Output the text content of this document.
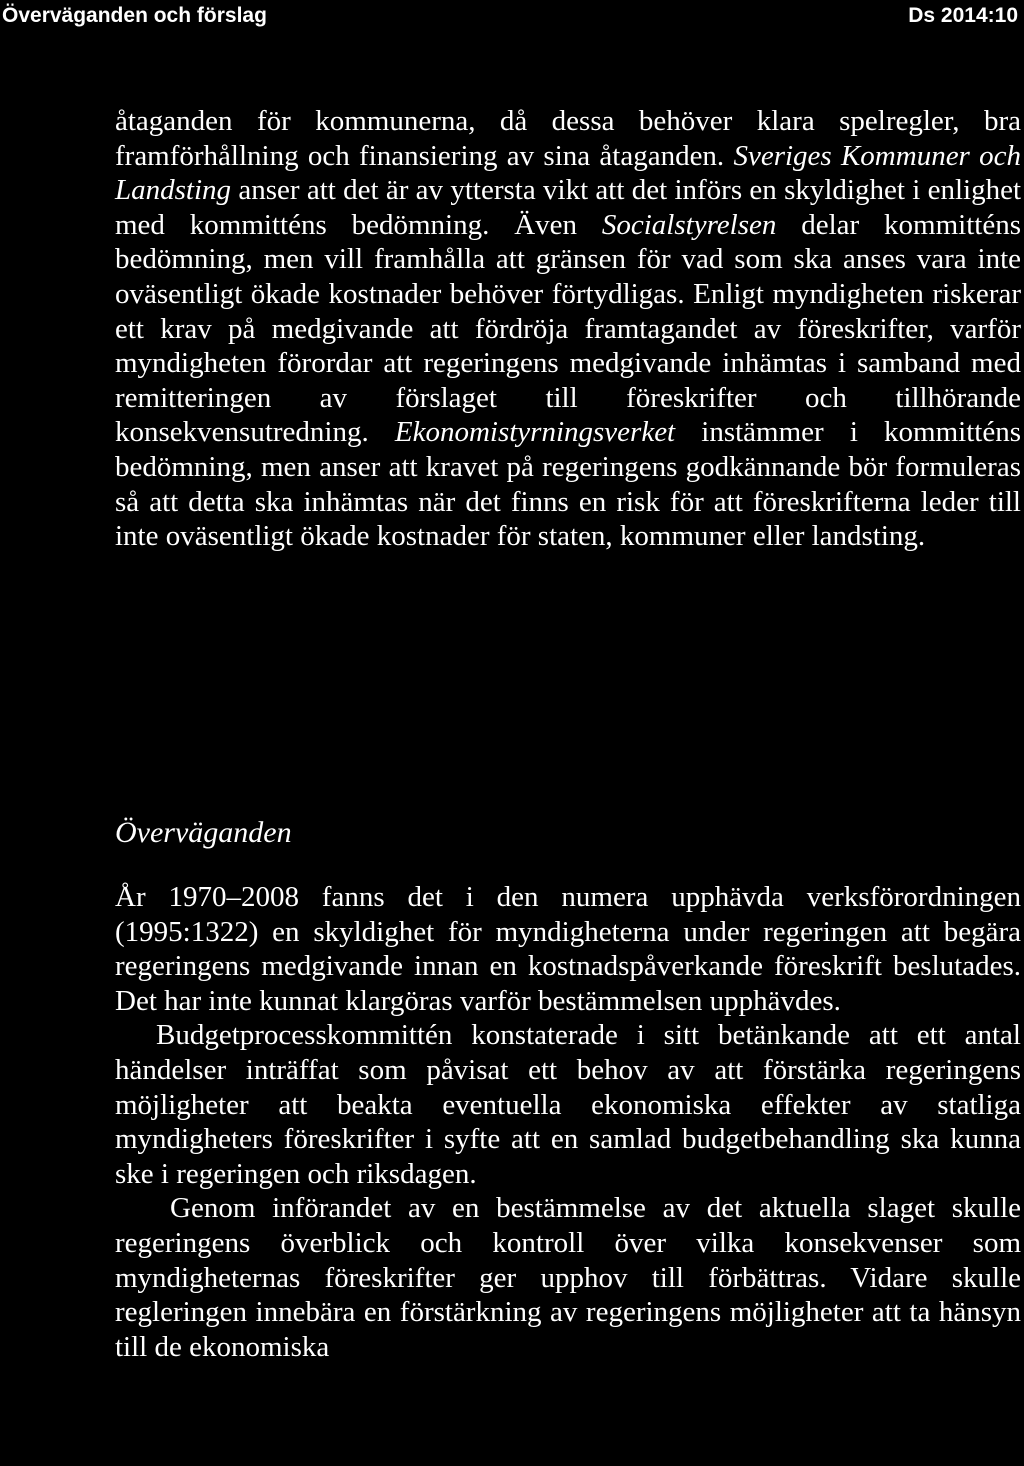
Överväganden och förslag	Ds 2014:10

åtaganden för kommunerna, då dessa behöver klara spelregler, bra framförhållning och finansiering av sina åtaganden. Sveriges Kommuner och Landsting anser att det är av yttersta vikt att det införs en skyldighet i enlighet med kommitténs bedömning. Även Socialstyrelsen delar kommitténs bedömning, men vill framhålla att gränsen för vad som ska anses vara inte oväsentligt ökade kostnader behöver förtydligas. Enligt myndigheten riskerar ett krav på medgivande att fördröja framtagandet av föreskrifter, varför myndigheten förordar att regeringens medgivande inhämtas i samband med remitteringen av förslaget till föreskrifter och tillhörande konsekvensutredning. Ekonomistyrningsverket instämmer i kommitténs bedömning, men anser att kravet på regeringens godkännande bör formuleras så att detta ska inhämtas när det finns en risk för att föreskrifterna leder till inte oväsentligt ökade kostnader för staten, kommuner eller landsting.

Överväganden

År 1970–2008 fanns det i den numera upphävda verksförordningen (1995:1322) en skyldighet för myndigheterna under regeringen att begära regeringens medgivande innan en kostnadspåverkande föreskrift beslutades. Det har inte kunnat klargöras varför bestämmelsen upphävdes.

Budgetprocesskommittén konstaterade i sitt betänkande att ett antal händelser inträffat som påvisat ett behov av att förstärka regeringens möjligheter att beakta eventuella ekonomiska effekter av statliga myndigheters föreskrifter i syfte att en samlad budgetbehandling ska kunna ske i regeringen och riksdagen.

Genom införandet av en bestämmelse av det aktuella slaget skulle regeringens överblick och kontroll över vilka konsekvenser som myndigheternas föreskrifter ger upphov till förbättras. Vidare skulle regleringen innebära en förstärkning av regeringens möjligheter att ta hänsyn till de ekonomiska
